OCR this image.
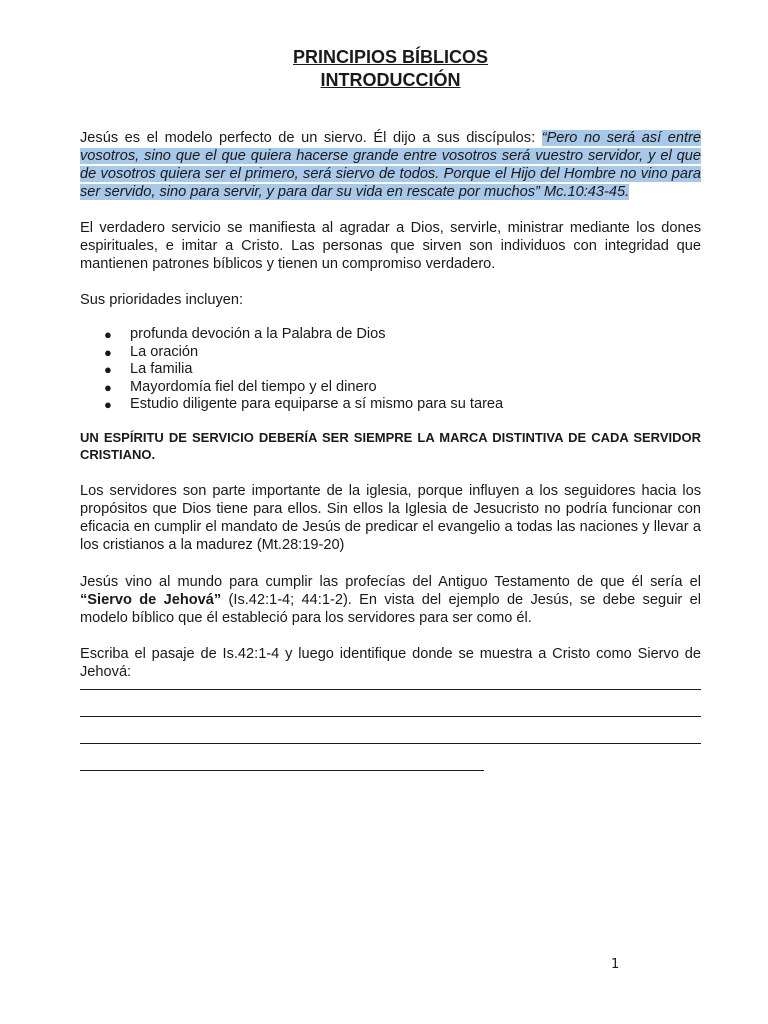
PRINCIPIOS BÍBLICOS
INTRODUCCIÓN

Jesús es el modelo perfecto de un siervo. Él dijo a sus discípulos: “Pero no será así entre vosotros, sino que el que quiera hacerse grande entre vosotros será vuestro servidor, y el que de vosotros quiera ser el primero, será siervo de todos. Porque el Hijo del Hombre no vino para ser servido, sino para servir, y para dar su vida en rescate por muchos” Mc.10:43-45.

El verdadero servicio se manifiesta al agradar a Dios, servirle, ministrar mediante los dones espirituales, e imitar a Cristo. Las personas que sirven son individuos con integridad que mantienen patrones bíblicos y tienen un compromiso verdadero.

Sus prioridades incluyen:

● profunda devoción a la Palabra de Dios
● La oración
● La familia
● Mayordomía fiel del tiempo y el dinero
● Estudio diligente para equiparse a sí mismo para su tarea

UN ESPÍRITU DE SERVICIO DEBERÍA SER SIEMPRE LA MARCA DISTINTIVA DE CADA SERVIDOR CRISTIANO.

Los servidores son parte importante de la iglesia, porque influyen a los seguidores hacia los propósitos que Dios tiene para ellos. Sin ellos la Iglesia de Jesucristo no podría funcionar con eficacia en cumplir el mandato de Jesús de predicar el evangelio a todas las naciones y llevar a los cristianos a la madurez (Mt.28:19-20)

Jesús vino al mundo para cumplir las profecías del Antiguo Testamento de que él sería el “Siervo de Jehová” (Is.42:1-4; 44:1-2). En vista del ejemplo de Jesús, se debe seguir el modelo bíblico que él estableció para los servidores para ser como él.

Escriba el pasaje de Is.42:1-4 y luego identifique donde se muestra a Cristo como Siervo de Jehová:

1
